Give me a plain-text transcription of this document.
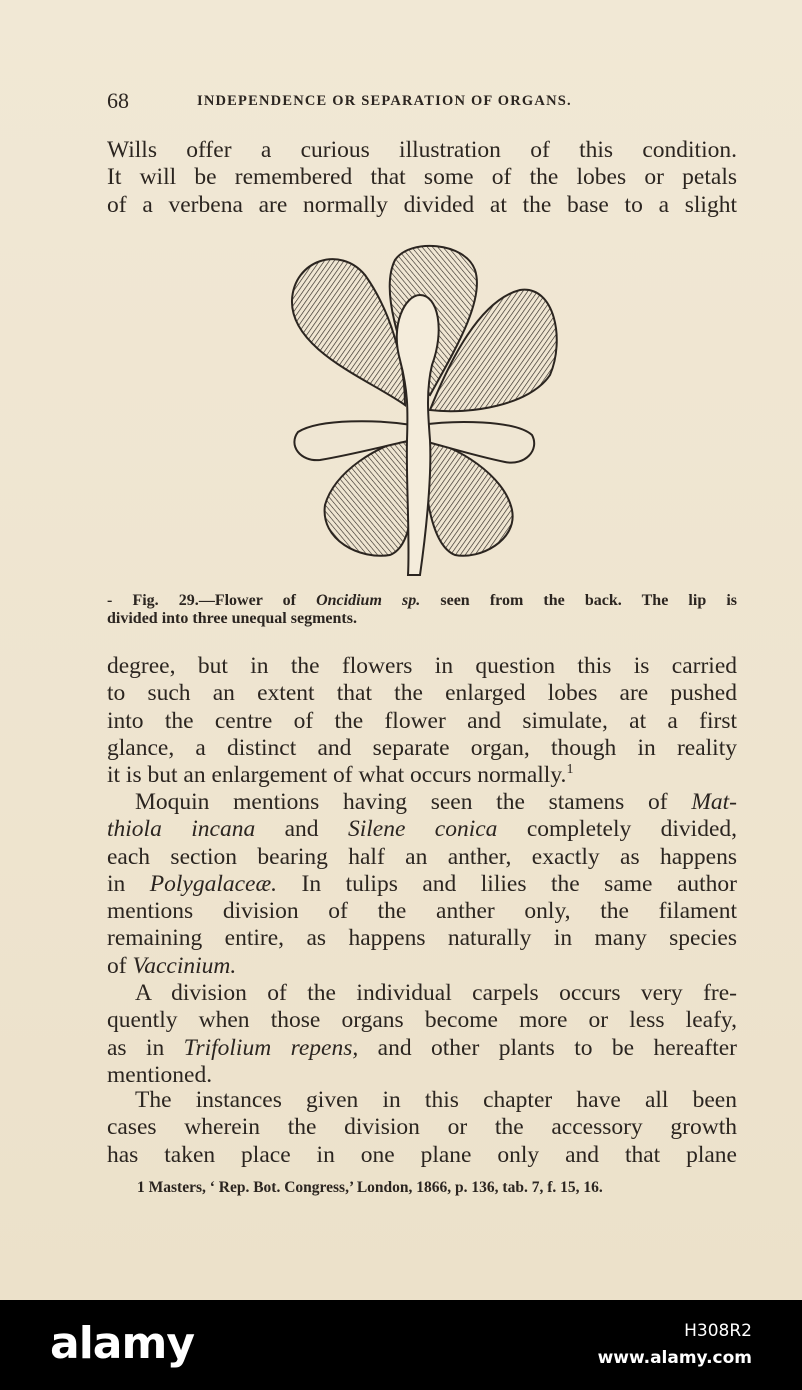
68	INDEPENDENCE OR SEPARATION OF ORGANS.
Wills offer a curious illustration of this condition.
It will be remembered that some of the lobes or petals
of a verbena are normally divided at the base to a slight
- Fig. 29.—Flower of Oncidium sp. seen from the back. The lip is
divided into three unequal segments.
degree, but in the flowers in question this is carried
to such an extent that the enlarged lobes are pushed
into the centre of the flower and simulate, at a first
glance, a distinct and separate organ, though in reality
it is but an enlargement of what occurs normally.$^1$
Moquin mentions having seen the stamens of Mat-
thiola incana and Silene conica completely divided,
each section bearing half an anther, exactly as happens
in Polygalaceæ. In tulips and lilies the same author
mentions division of the anther only, the filament
remaining entire, as happens naturally in many species
of Vaccinium.
A division of the individual carpels occurs very fre-
quently when those organs become more or less leafy,
as in Trifolium repens, and other plants to be hereafter
mentioned.
The instances given in this chapter have all been
cases wherein the division or the accessory growth
has taken place in one plane only and that plane
1 Masters, ‘ Rep. Bot. Congress,’ London, 1866, p. 136, tab. 7, f. 15, 16.
alamy	H308R2
www.alamy.com
